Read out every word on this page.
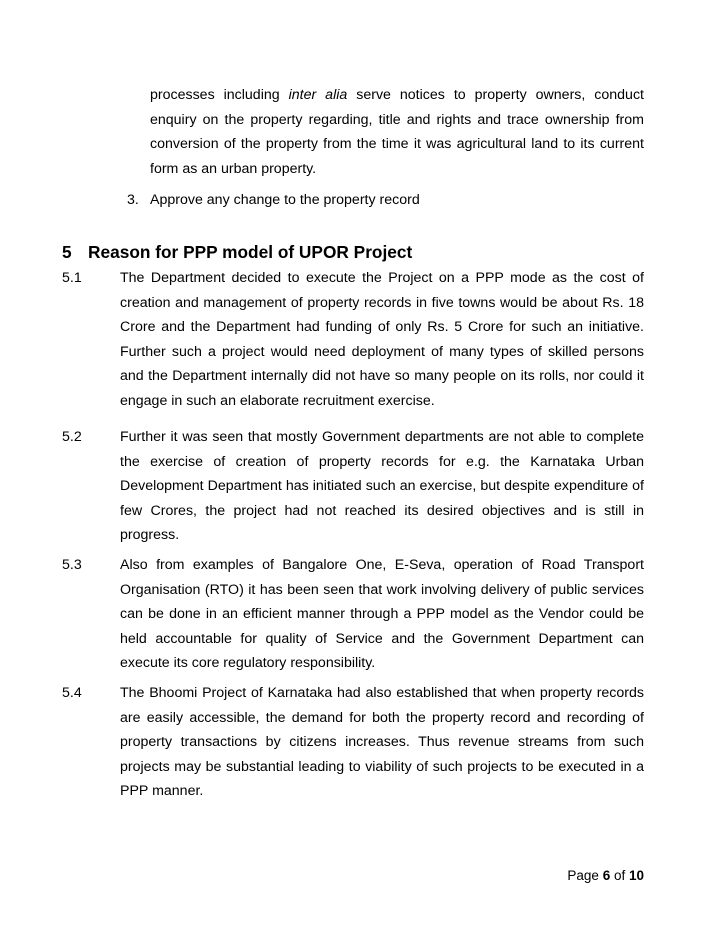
processes including inter alia serve notices to property owners, conduct enquiry on the property regarding, title and rights and trace ownership from conversion of the property from the time it was agricultural land to its current form as an urban property.
3. Approve any change to the property record
5 Reason for PPP model of UPOR Project
5.1	The Department decided to execute the Project on a PPP mode as the cost of creation and management of property records in five towns would be about Rs. 18 Crore and the Department had funding of only Rs. 5 Crore for such an initiative. Further such a project would need deployment of many types of skilled persons and the Department internally did not have so many people on its rolls, nor could it engage in such an elaborate recruitment exercise.
5.2	Further it was seen that mostly Government departments are not able to complete the exercise of creation of property records for e.g. the Karnataka Urban Development Department has initiated such an exercise, but despite expenditure of few Crores, the project had not reached its desired objectives and is still in progress.
5.3	Also from examples of Bangalore One, E-Seva, operation of Road Transport Organisation (RTO) it has been seen that work involving delivery of public services can be done in an efficient manner through a PPP model as the Vendor could be held accountable for quality of Service and the Government Department can execute its core regulatory responsibility.
5.4	The Bhoomi Project of Karnataka had also established that when property records are easily accessible, the demand for both the property record and recording of property transactions by citizens increases. Thus revenue streams from such projects may be substantial leading to viability of such projects to be executed in a PPP manner.
Page 6 of 10
